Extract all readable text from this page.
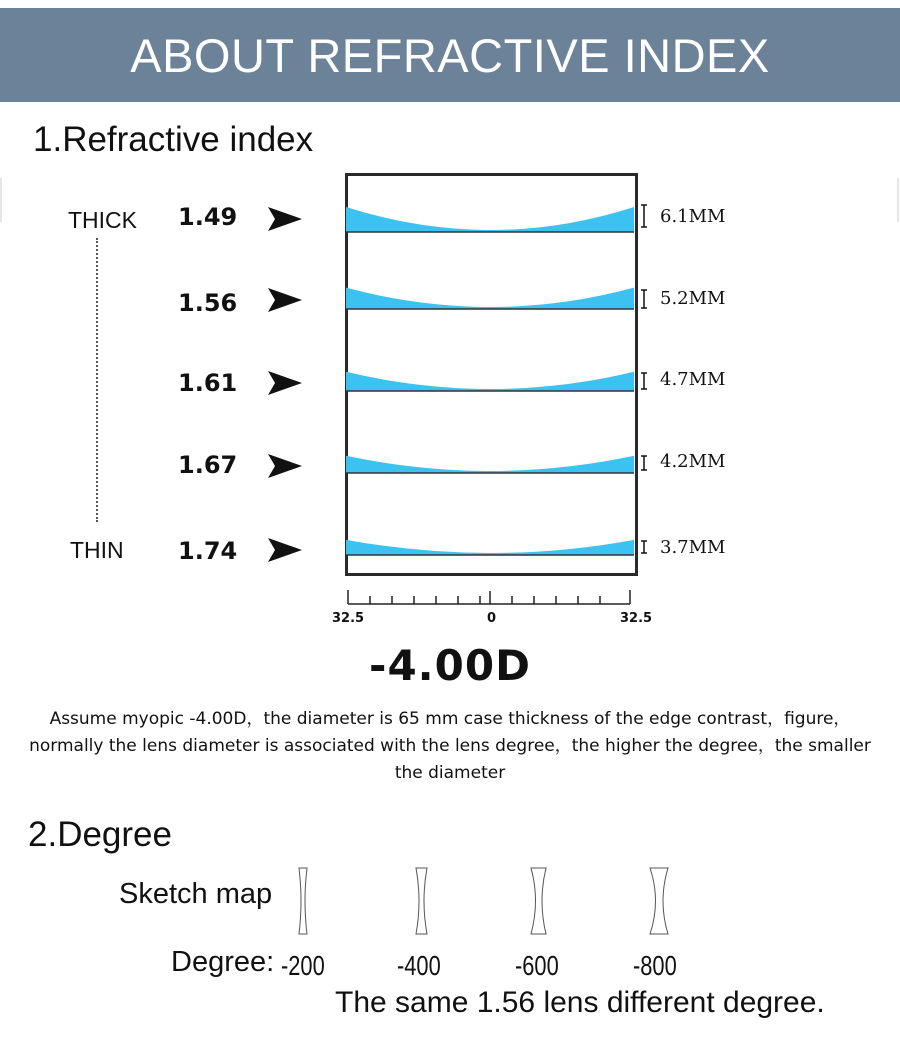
ABOUT REFRACTIVE INDEX
1.Refractive index
THICK
THIN
1.49
1.56
1.61
1.67
1.74
6.1MM
5.2MM
4.7MM
4.2MM
3.7MM
32.5	0	32.5
-4.00D
Assume myopic -4.00D，the diameter is 65 mm case thickness of the edge contrast，figure，normally the lens diameter is associated with the lens degree，the higher the degree，the smaller the diameter
2.Degree
Sketch map
Degree: -200	-400	-600	-800
The same 1.56 lens different degree.
